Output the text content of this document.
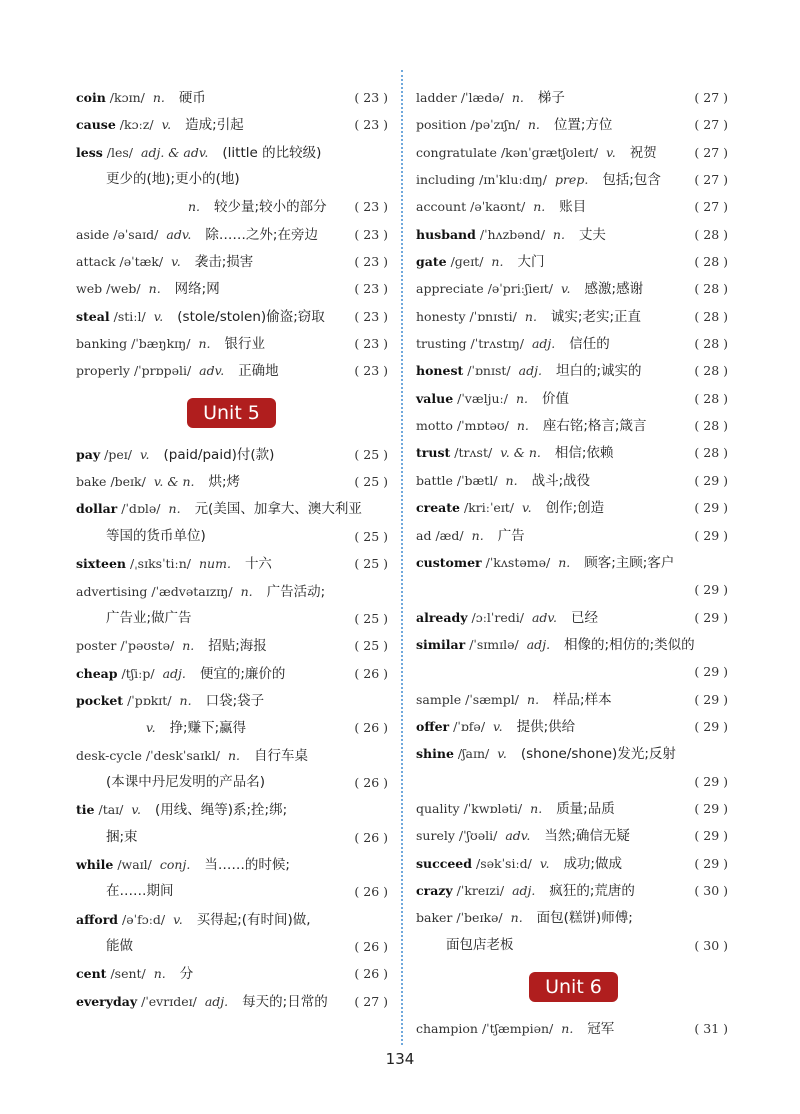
coin /kɔɪn/ n. 硬币	( 23 )
cause /kɔːz/ v. 造成;引起	( 23 )
less /les/ adj. & adv. (little 的比较级)
更少的(地);更小的(地)
n. 较少量;较小的部分 ( 23 )
aside /əˈsaɪd/ adv. 除……之外;在旁边	( 23 )
attack /əˈtæk/ v. 袭击;损害	( 23 )
web /web/ n. 网络;网	( 23 )
steal /stiːl/ v. (stole/stolen)偷盗;窃取 ( 23 )
banking /ˈbæŋkɪŋ/ n. 银行业	( 23 )
properly /ˈprɒpəli/ adv. 正确地	( 23 )
Unit 5
pay /peɪ/ v. (paid/paid)付(款)	( 25 )
bake /beɪk/ v. & n. 烘;烤	( 25 )
dollar /ˈdɒlə/ n. 元(美国、加拿大、澳大利亚
等国的货币单位)	( 25 )
sixteen /ˌsɪksˈtiːn/ num. 十六	( 25 )
advertising /ˈædvətaɪzɪŋ/ n. 广告活动;
广告业;做广告	( 25 )
poster /ˈpəʊstə/ n. 招贴;海报	( 25 )
cheap /tʃiːp/ adj. 便宜的;廉价的	( 26 )
pocket /ˈpɒkɪt/ n. 口袋;袋子
v. 挣;赚下;赢得	( 26 )
desk-cycle /ˈdeskˈsaɪkl/ n. 自行车桌
(本课中丹尼发明的产品名)	( 26 )
tie /taɪ/ v. (用线、绳等)系;拴;绑;
捆;束	( 26 )
while /waɪl/ conj. 当……的时候;
在……期间	( 26 )
afford /əˈfɔːd/ v. 买得起;(有时间)做,
能做	( 26 )
cent /sent/ n. 分	( 26 )
everyday /ˈevrɪdeɪ/ adj. 每天的;日常的 ( 27 )
ladder /ˈlædə/ n. 梯子	( 27 )
position /pəˈzɪʃn/ n. 位置;方位	( 27 )
congratulate /kənˈɡrætʃʊleɪt/ v. 祝贺	( 27 )
including /ɪnˈkluːdɪŋ/ prep. 包括;包含	( 27 )
account /əˈkaʊnt/ n. 账目	( 27 )
husband /ˈhʌzbənd/ n. 丈夫	( 28 )
gate /ɡeɪt/ n. 大门	( 28 )
appreciate /əˈpriːʃieɪt/ v. 感激;感谢	( 28 )
honesty /ˈɒnɪsti/ n. 诚实;老实;正直	( 28 )
trusting /ˈtrʌstɪŋ/ adj. 信任的	( 28 )
honest /ˈɒnɪst/ adj. 坦白的;诚实的	( 28 )
value /ˈvæljuː/ n. 价值	( 28 )
motto /ˈmɒtəʊ/ n. 座右铭;格言;箴言	( 28 )
trust /trʌst/ v. & n. 相信;依赖	( 28 )
battle /ˈbætl/ n. 战斗;战役	( 29 )
create /kriːˈeɪt/ v. 创作;创造	( 29 )
ad /æd/ n. 广告	( 29 )
customer /ˈkʌstəmə/ n. 顾客;主顾;客户
( 29 )
already /ɔːlˈredi/ adv. 已经	( 29 )
similar /ˈsɪmɪlə/ adj. 相像的;相仿的;类似的
( 29 )
sample /ˈsæmpl/ n. 样品;样本	( 29 )
offer /ˈɒfə/ v. 提供;供给	( 29 )
shine /ʃaɪn/ v. (shone/shone)发光;反射
( 29 )
quality /ˈkwɒləti/ n. 质量;品质	( 29 )
surely /ˈʃʊəli/ adv. 当然;确信无疑	( 29 )
succeed /səkˈsiːd/ v. 成功;做成	( 29 )
crazy /ˈkreɪzi/ adj. 疯狂的;荒唐的	( 30 )
baker /ˈbeɪkə/ n. 面包(糕饼)师傅;
面包店老板	( 30 )
Unit 6
champion /ˈtʃæmpiən/ n. 冠军	( 31 )
134
